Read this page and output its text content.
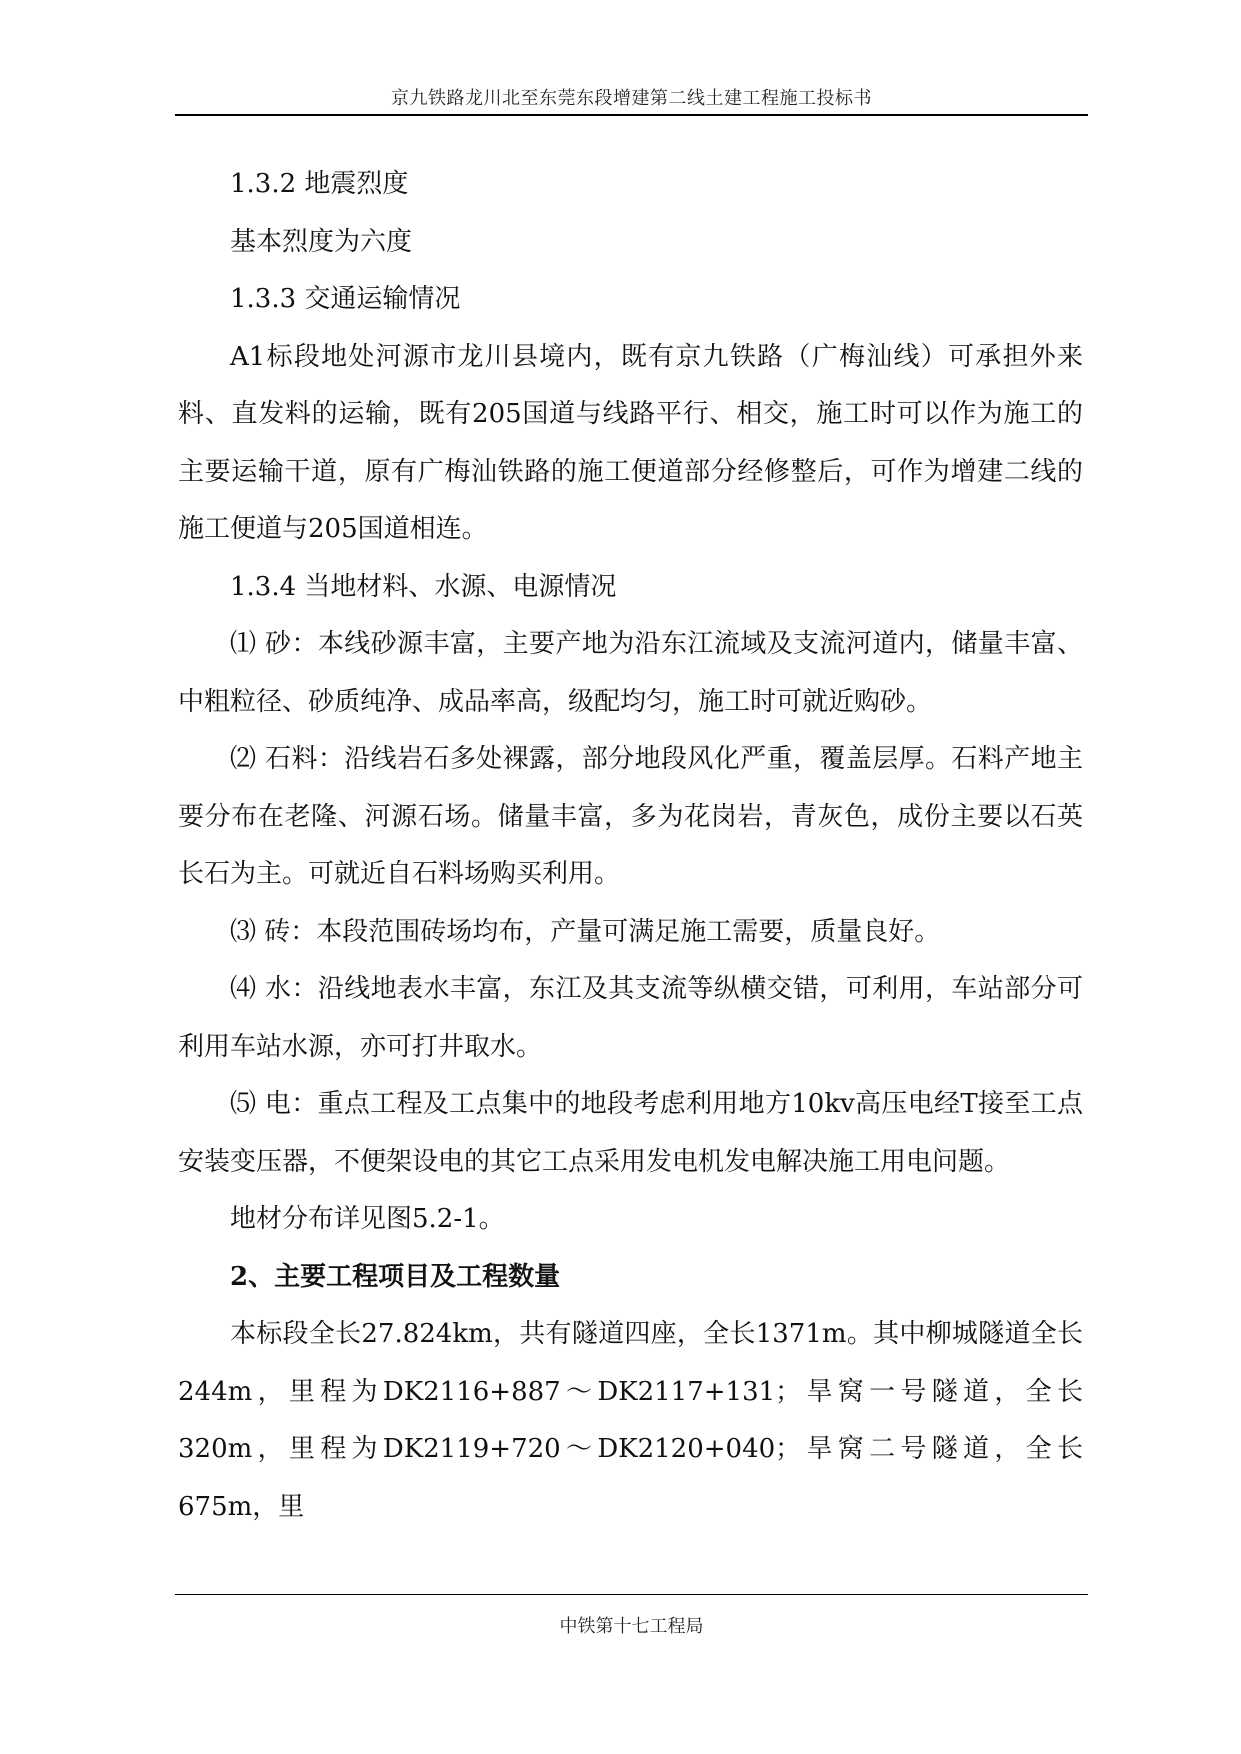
京九铁路龙川北至东莞东段增建第二线土建工程施工投标书

1.3.2 地震烈度

基本烈度为六度

1.3.3 交通运输情况

A1标段地处河源市龙川县境内，既有京九铁路（广梅汕线）可承担外来料、直发料的运输，既有205国道与线路平行、相交，施工时可以作为施工的主要运输干道，原有广梅汕铁路的施工便道部分经修整后，可作为增建二线的施工便道与205国道相连。

1.3.4 当地材料、水源、电源情况

⑴ 砂：本线砂源丰富，主要产地为沿东江流域及支流河道内，储量丰富、中粗粒径、砂质纯净、成品率高，级配均匀，施工时可就近购砂。

⑵ 石料：沿线岩石多处裸露，部分地段风化严重，覆盖层厚。石料产地主要分布在老隆、河源石场。储量丰富，多为花岗岩，青灰色，成份主要以石英长石为主。可就近自石料场购买利用。

⑶ 砖：本段范围砖场均布，产量可满足施工需要，质量良好。

⑷ 水：沿线地表水丰富，东江及其支流等纵横交错，可利用，车站部分可利用车站水源，亦可打井取水。

⑸ 电：重点工程及工点集中的地段考虑利用地方10kv高压电经T接至工点安装变压器，不便架设电的其它工点采用发电机发电解决施工用电问题。

地材分布详见图5.2-1。

2、主要工程项目及工程数量

本标段全长27.824km，共有隧道四座，全长1371m。其中柳城隧道全长244m，里程为DK2116+887～DK2117+131；旱窝一号隧道，全长320m，里程为DK2119+720～DK2120+040；旱窝二号隧道，全长675m，里

中铁第十七工程局
